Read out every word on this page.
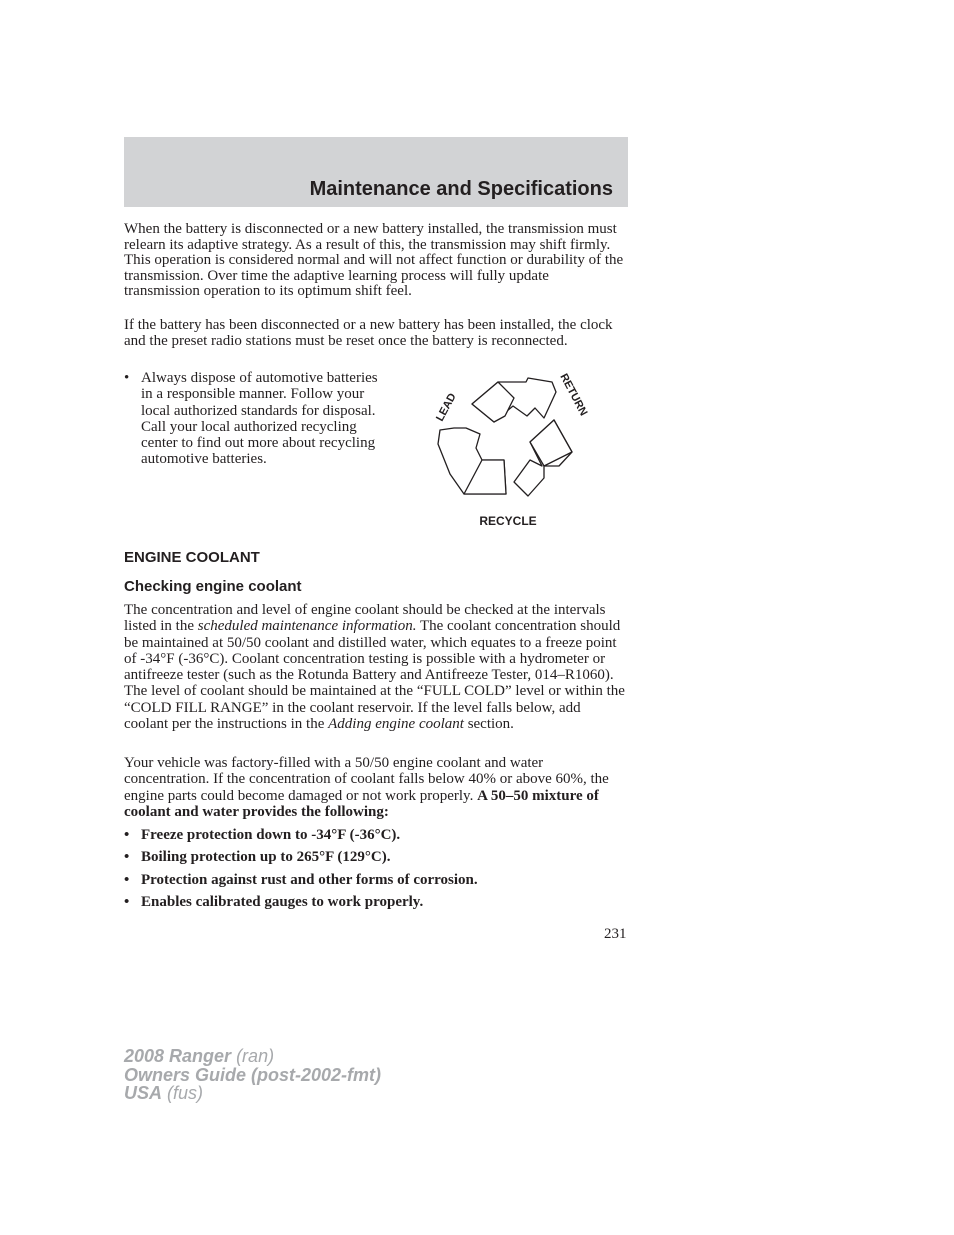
Maintenance and Specifications

When the battery is disconnected or a new battery installed, the transmission must relearn its adaptive strategy. As a result of this, the transmission may shift firmly. This operation is considered normal and will not affect function or durability of the transmission. Over time the adaptive learning process will fully update transmission operation to its optimum shift feel.

If the battery has been disconnected or a new battery has been installed, the clock and the preset radio stations must be reset once the battery is reconnected.

• Always dispose of automotive batteries in a responsible manner. Follow your local authorized standards for disposal. Call your local authorized recycling center to find out more about recycling automotive batteries.
LEAD	RETURN
RECYCLE
ENGINE COOLANT
Checking engine coolant

The concentration and level of engine coolant should be checked at the intervals listed in the scheduled maintenance information. The coolant concentration should be maintained at 50/50 coolant and distilled water, which equates to a freeze point of -34°F (-36°C). Coolant concentration testing is possible with a hydrometer or antifreeze tester (such as the Rotunda Battery and Antifreeze Tester, 014–R1060). The level of coolant should be maintained at the “FULL COLD” level or within the “COLD FILL RANGE” in the coolant reservoir. If the level falls below, add coolant per the instructions in the Adding engine coolant section.

Your vehicle was factory-filled with a 50/50 engine coolant and water concentration. If the concentration of coolant falls below 40% or above 60%, the engine parts could become damaged or not work properly. A 50–50 mixture of coolant and water provides the following:

• Freeze protection down to -34°F (-36°C).
• Boiling protection up to 265°F (129°C).
• Protection against rust and other forms of corrosion.
• Enables calibrated gauges to work properly.
231
2008 Ranger (ran)
Owners Guide (post-2002-fmt)
USA (fus)
